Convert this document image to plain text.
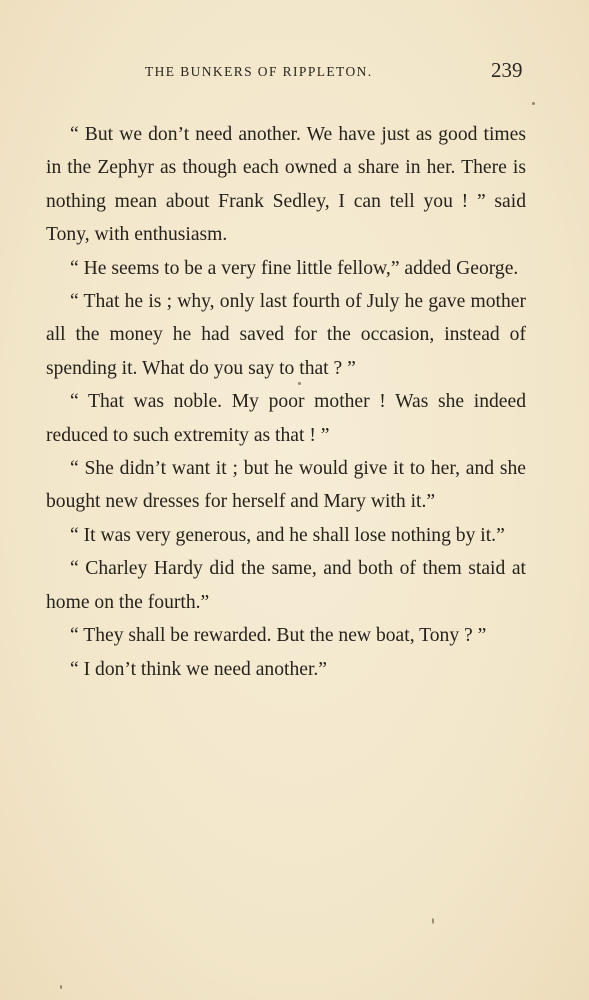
THE BUNKERS OF RIPPLETON.	239

“ But we don’t need another. We have just as good times in the Zephyr as though each owned a share in her. There is nothing mean about Frank Sedley, I can tell you ! ” said Tony, with enthusiasm.

“ He seems to be a very fine little fellow,” added George.

“ That he is ; why, only last fourth of July he gave mother all the money he had saved for the occasion, instead of spending it. What do you say to that ? ”

“ That was noble. My poor mother ! Was she indeed reduced to such extremity as that ! ”

“ She didn’t want it ; but he would give it to her, and she bought new dresses for herself and Mary with it.”

“ It was very generous, and he shall lose nothing by it.”

“ Charley Hardy did the same, and both of them staid at home on the fourth.”

“ They shall be rewarded. But the new boat, Tony ? ”

“ I don’t think we need another.”
